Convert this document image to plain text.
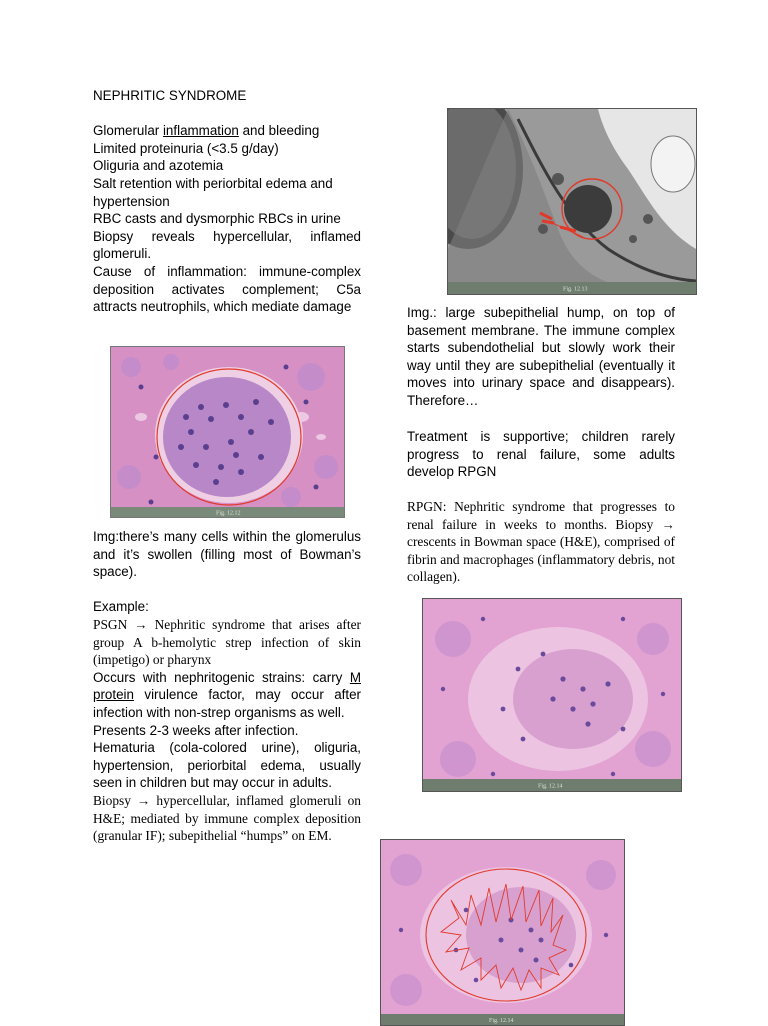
NEPHRITIC SYNDROME

Glomerular inflammation and bleeding

Limited proteinuria (<3.5 g/day)

Oliguria and azotemia

Salt retention with periorbital edema and hypertension

RBC casts and dysmorphic RBCs in urine

Biopsy reveals hypercellular, inflamed glomeruli.

Cause of inflammation: immune-complex deposition activates complement; C5a attracts neutrophils, which mediate damage

Fig. 12.12

Img:there’s many cells within the glomerulus and it’s swollen (filling most of Bowman’s space).

Example:

PSGN → Nephritic syndrome that arises after group A b-hemolytic strep infection of skin (impetigo) or pharynx

Occurs with nephritogenic strains: carry M protein virulence factor, may occur after infection with non-strep organisms as well.

Presents 2-3 weeks after infection.

Hematuria (cola-colored urine), oliguria, hypertension, periorbital edema, usually seen in children but may occur in adults.

Biopsy → hypercellular, inflamed glomeruli on H&E; mediated by immune complex deposition (granular IF); subepithelial “humps” on EM.

Fig. 12.13

Img.: large subepithelial hump, on top of basement membrane. The immune complex starts subendothelial but slowly work their way until they are subepithelial (eventually it moves into urinary space and disappears). Therefore…

Treatment is supportive; children rarely progress to renal failure, some adults develop RPGN

RPGN: Nephritic syndrome that progresses to renal failure in weeks to months. Biopsy → crescents in Bowman space (H&E), comprised of fibrin and macrophages (inflammatory debris, not collagen).

Fig. 12.14
Fig. 12.14
